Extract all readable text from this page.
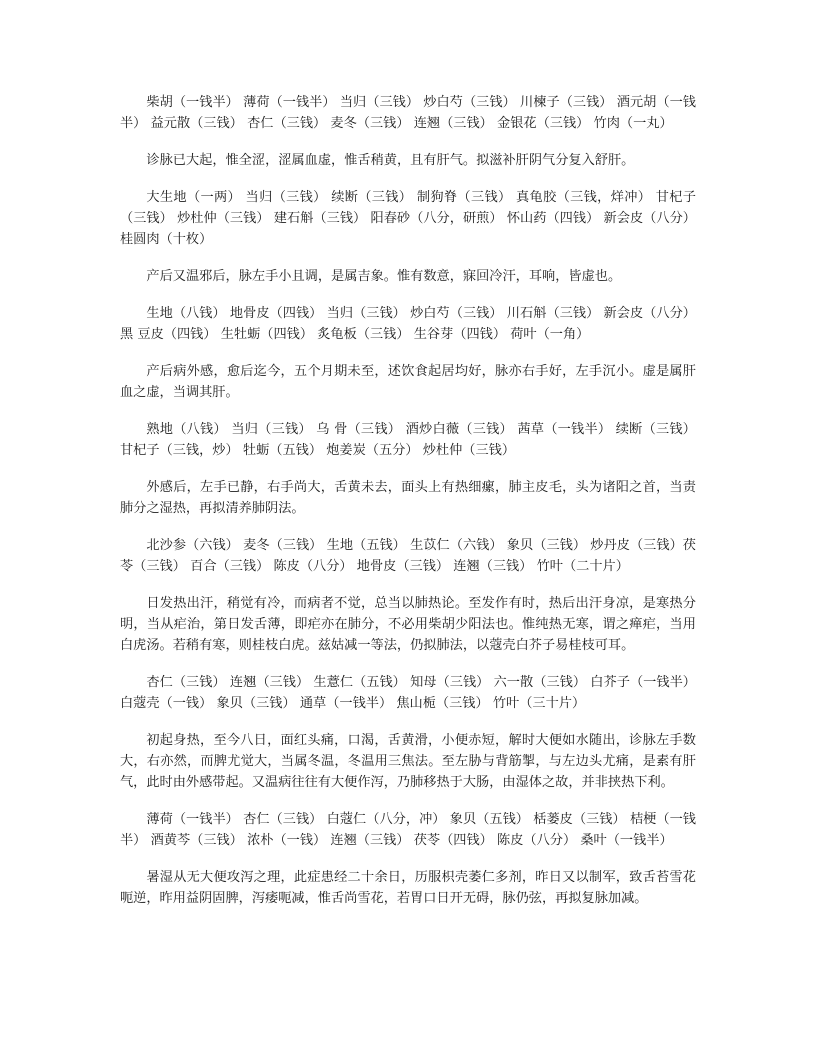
柴胡（一钱半） 薄荷（一钱半） 当归（三钱） 炒白芍（三钱） 川楝子（三钱） 酒元胡（一钱半） 益元散（三钱） 杏仁（三钱） 麦冬（三钱） 连翘（三钱） 金银花（三钱） 竹肉（一丸）

诊脉已大起，惟全涩，涩属血虚，惟舌稍黄，且有肝气。拟滋补肝阴气分复入舒肝。

大生地（一两） 当归（三钱） 续断（三钱） 制狗脊（三钱） 真龟胶（三钱，烊冲） 甘杞子（三钱） 炒杜仲（三钱） 建石斛（三钱） 阳春砂（八分，研煎） 怀山药（四钱） 新会皮（八分）桂圆肉（十枚）

产后又温邪后，脉左手小且调，是属吉象。惟有数意，寐回冷汗，耳响，皆虚也。

生地（八钱） 地骨皮（四钱） 当归（三钱） 炒白芍（三钱） 川石斛（三钱） 新会皮（八分） 黑 豆皮（四钱） 生牡蛎（四钱） 炙龟板（三钱） 生谷芽（四钱） 荷叶（一角）

产后病外感，愈后迄今，五个月期未至，述饮食起居均好，脉亦右手好，左手沉小。虚是属肝血之虚，当调其肝。

熟地（八钱） 当归（三钱） 乌 骨（三钱） 酒炒白薇（三钱） 茜草（一钱半） 续断（三钱） 甘杞子（三钱，炒） 牡蛎（五钱） 炮姜炭（五分） 炒杜仲（三钱）

外感后，左手已静，右手尚大，舌黄未去，面头上有热细瘰，肺主皮毛，头为诸阳之首，当责肺分之湿热，再拟清养肺阴法。

北沙参（六钱） 麦冬（三钱） 生地（五钱） 生苡仁（六钱） 象贝（三钱） 炒丹皮（三钱）茯苓（三钱） 百合（三钱） 陈皮（八分） 地骨皮（三钱） 连翘（三钱） 竹叶（二十片）

日发热出汗，稍觉有冷，而病者不觉，总当以肺热论。至发作有时，热后出汗身凉，是寒热分明，当从疟治，第日发舌薄，即疟亦在肺分，不必用柴胡少阳法也。惟纯热无寒，谓之瘅疟，当用白虎汤。若稍有寒，则桂枝白虎。兹姑减一等法，仍拟肺法，以蔻壳白芥子易桂枝可耳。

杏仁（三钱） 连翘（三钱） 生薏仁（五钱） 知母（三钱） 六一散（三钱） 白芥子（一钱半） 白蔻壳（一钱） 象贝（三钱） 通草（一钱半） 焦山栀（三钱） 竹叶（三十片）

初起身热，至今八日，面红头痛，口渴，舌黄滑，小便赤短，解时大便如水随出，诊脉左手数大，右亦然，而脾尤觉大，当属冬温，冬温用三焦法。至左胁与背筋掣，与左边头尤痛，是素有肝气，此时由外感带起。又温病往往有大便作泻，乃肺移热于大肠，由湿体之故，并非挟热下利。

薄荷（一钱半） 杏仁（三钱） 白蔻仁（八分，冲） 象贝（五钱） 栝蒌皮（三钱） 桔梗（一钱半） 酒黄芩（三钱） 浓朴（一钱） 连翘（三钱） 茯苓（四钱） 陈皮（八分） 桑叶（一钱半）

暑湿从无大便攻泻之理，此症患经二十余日，历服枳壳萎仁多剂，昨日又以制军，致舌苔雪花呃逆，昨用益阴固脾，泻痿呃减，惟舌尚雪花，若胃口日开无碍，脉仍弦，再拟复脉加减。
